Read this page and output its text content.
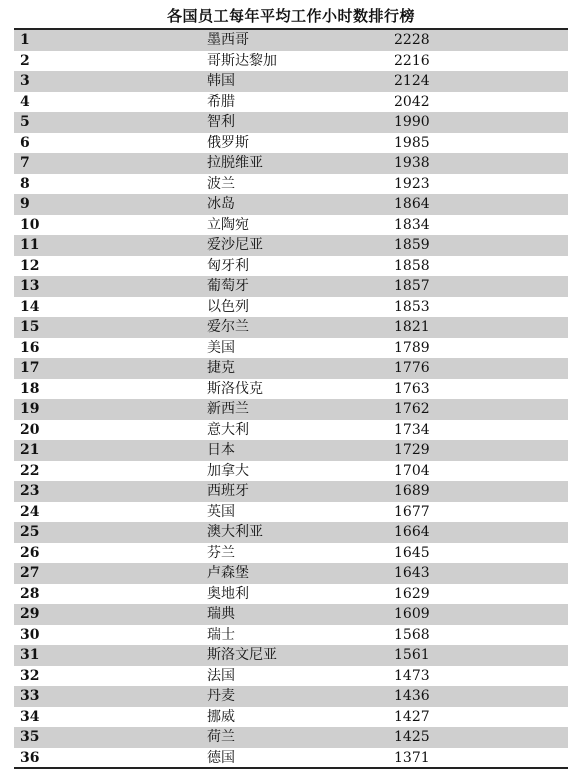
各国员工每年平均工作小时数排行榜
1	墨西哥	2228
2	哥斯达黎加	2216
3	韩国	2124
4	希腊	2042
5	智利	1990
6	俄罗斯	1985
7	拉脱维亚	1938
8	波兰	1923
9	冰岛	1864
10	立陶宛	1834
11	爱沙尼亚	1859
12	匈牙利	1858
13	葡萄牙	1857
14	以色列	1853
15	爱尔兰	1821
16	美国	1789
17	捷克	1776
18	斯洛伐克	1763
19	新西兰	1762
20	意大利	1734
21	日本	1729
22	加拿大	1704
23	西班牙	1689
24	英国	1677
25	澳大利亚	1664
26	芬兰	1645
27	卢森堡	1643
28	奥地利	1629
29	瑞典	1609
30	瑞士	1568
31	斯洛文尼亚	1561
32	法国	1473
33	丹麦	1436
34	挪威	1427
35	荷兰	1425
36	德国	1371
